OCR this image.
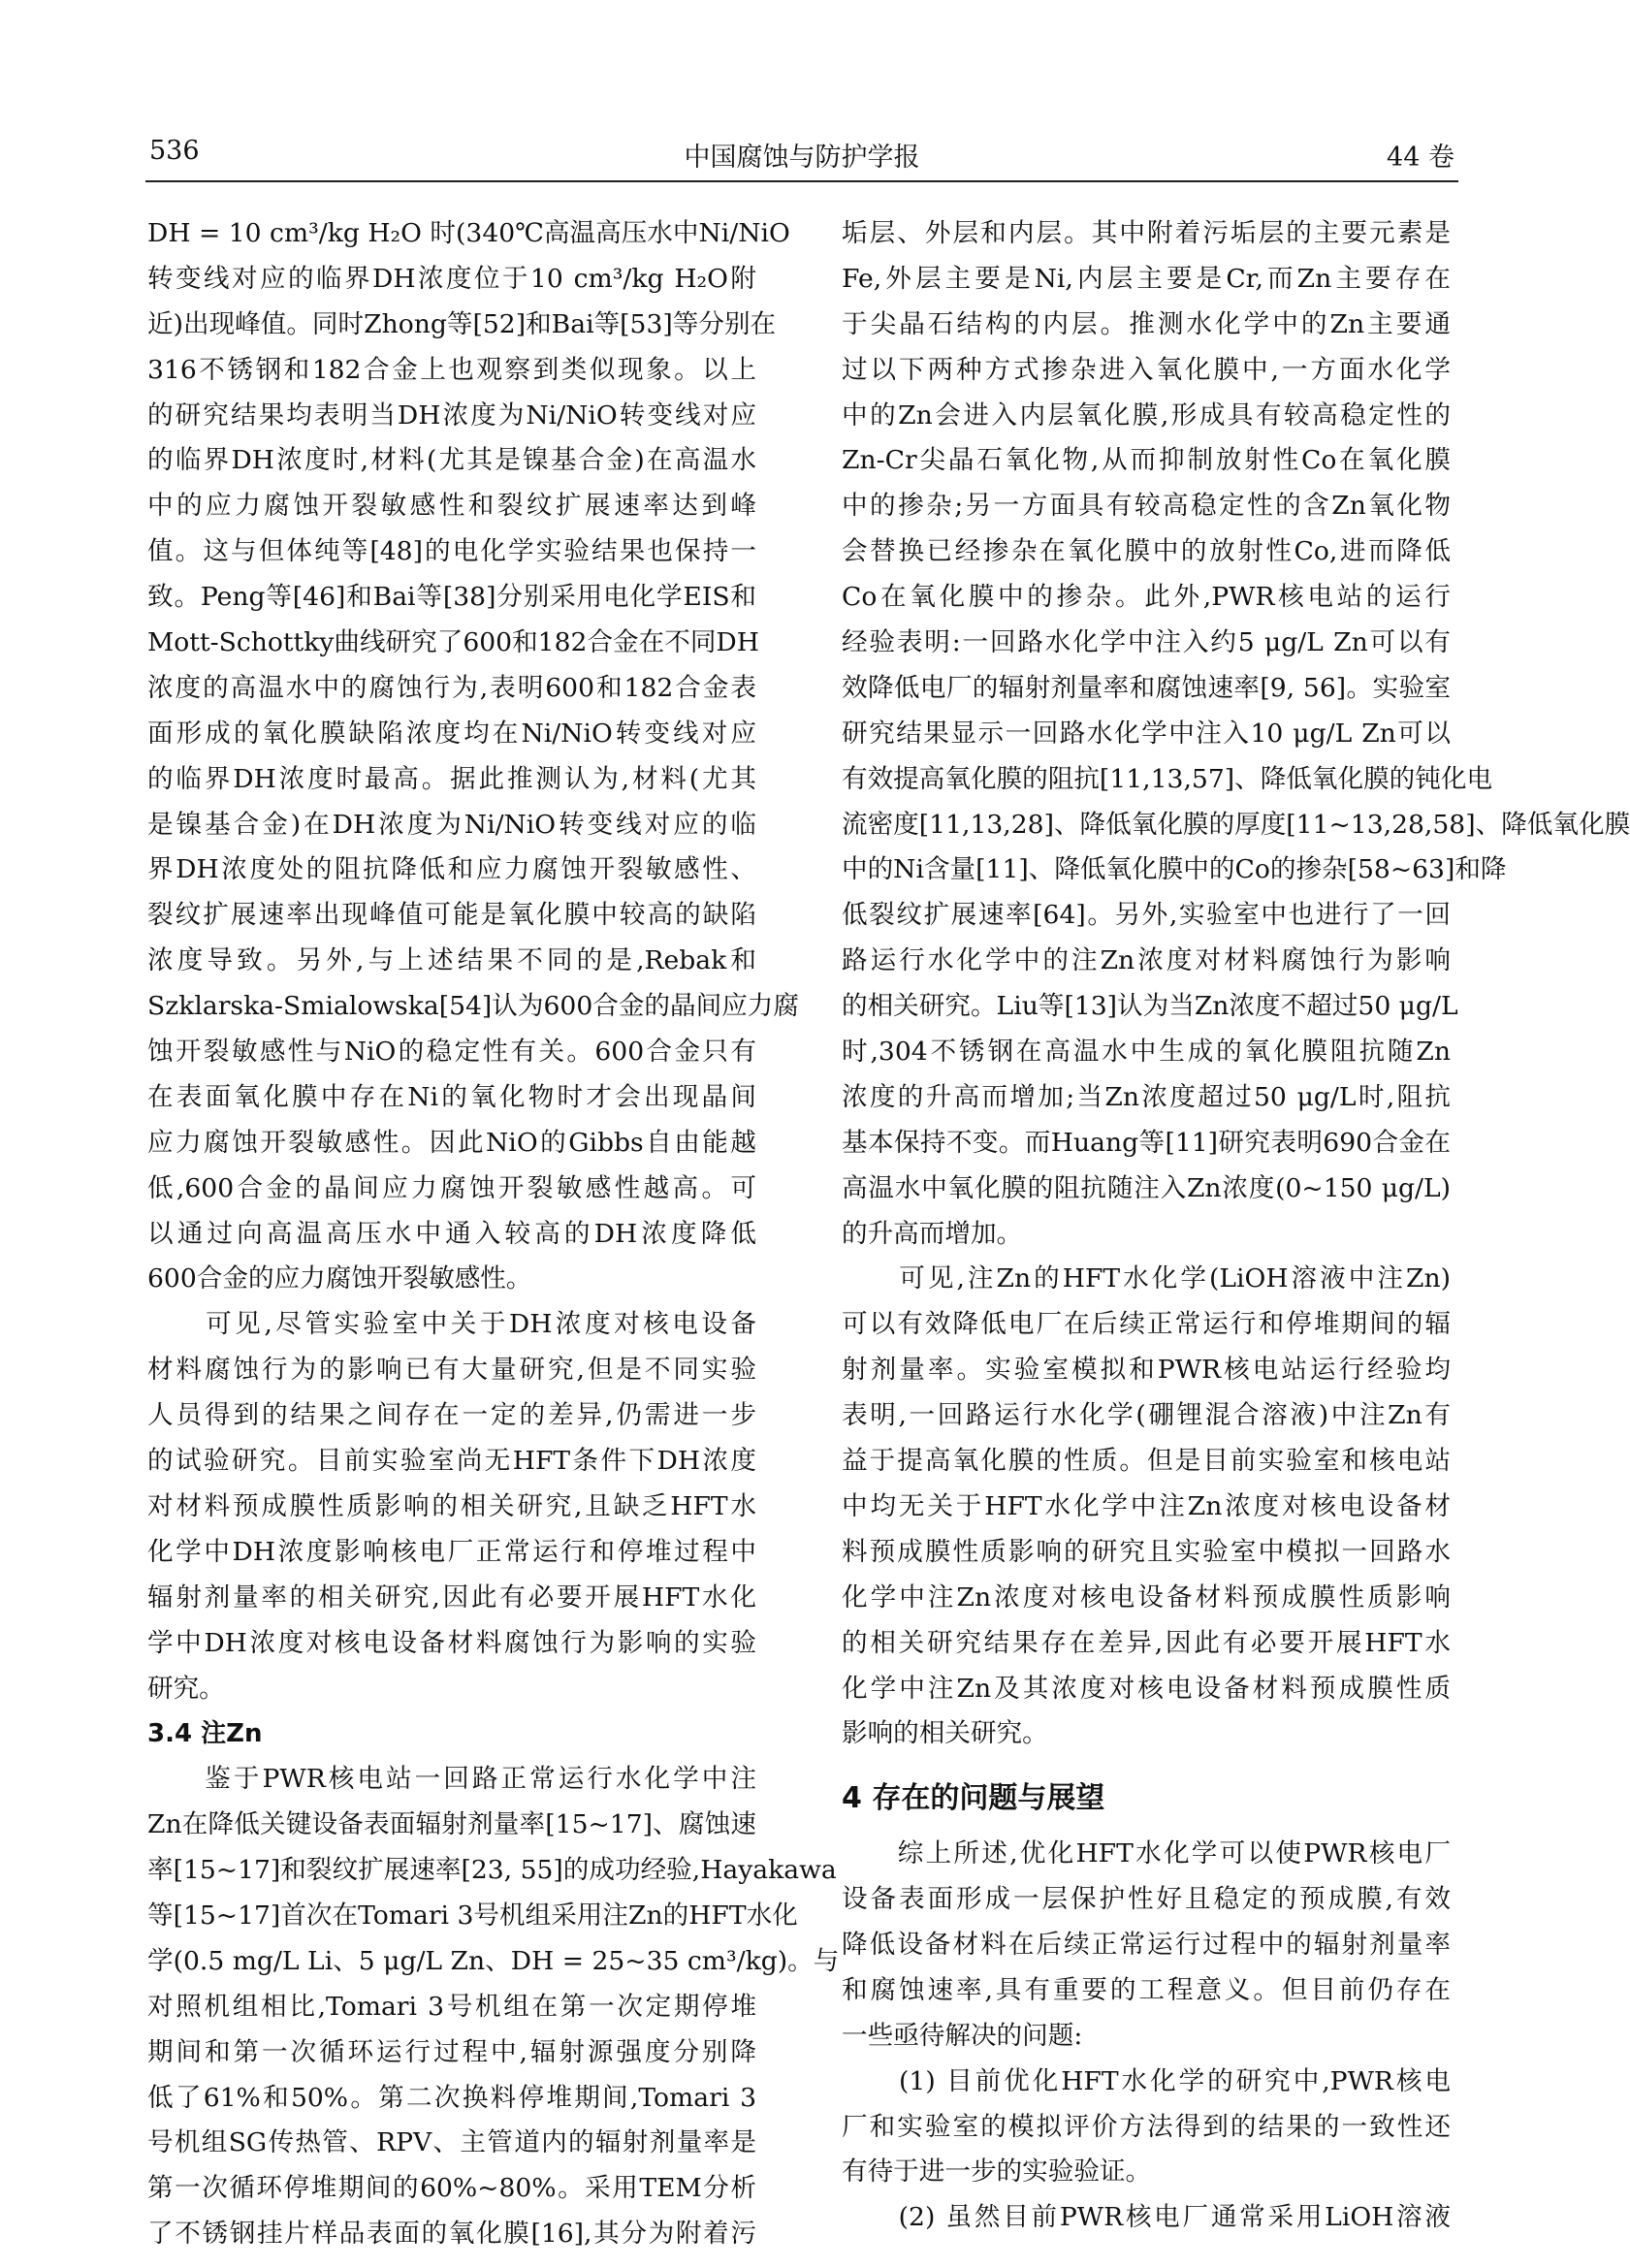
536	中国腐蚀与防护学报	44 卷
DH = 10 cm³/kg H₂O 时(340℃高温高压水中Ni/NiO
转变线对应的临界DH浓度位于10 cm³/kg H₂O附
近)出现峰值。同时Zhong等[52]和Bai等[53]等分别在
316不锈钢和182合金上也观察到类似现象。以上
的研究结果均表明当DH浓度为Ni/NiO转变线对应
的临界DH浓度时,材料(尤其是镍基合金)在高温水
中的应力腐蚀开裂敏感性和裂纹扩展速率达到峰
值。这与但体纯等[48]的电化学实验结果也保持一
致。Peng等[46]和Bai等[38]分别采用电化学EIS和
Mott-Schottky曲线研究了600和182合金在不同DH
浓度的高温水中的腐蚀行为,表明600和182合金表
面形成的氧化膜缺陷浓度均在Ni/NiO转变线对应
的临界DH浓度时最高。据此推测认为,材料(尤其
是镍基合金)在DH浓度为Ni/NiO转变线对应的临
界DH浓度处的阻抗降低和应力腐蚀开裂敏感性、
裂纹扩展速率出现峰值可能是氧化膜中较高的缺陷
浓度导致。另外,与上述结果不同的是,Rebak和
Szklarska-Smialowska[54]认为600合金的晶间应力腐
蚀开裂敏感性与NiO的稳定性有关。600合金只有
在表面氧化膜中存在Ni的氧化物时才会出现晶间
应力腐蚀开裂敏感性。因此NiO的Gibbs自由能越
低,600合金的晶间应力腐蚀开裂敏感性越高。可
以通过向高温高压水中通入较高的DH浓度降低
600合金的应力腐蚀开裂敏感性。
　　可见,尽管实验室中关于DH浓度对核电设备
材料腐蚀行为的影响已有大量研究,但是不同实验
人员得到的结果之间存在一定的差异,仍需进一步
的试验研究。目前实验室尚无HFT条件下DH浓度
对材料预成膜性质影响的相关研究,且缺乏HFT水
化学中DH浓度影响核电厂正常运行和停堆过程中
辐射剂量率的相关研究,因此有必要开展HFT水化
学中DH浓度对核电设备材料腐蚀行为影响的实验
研究。
3.4 注Zn
　　鉴于PWR核电站一回路正常运行水化学中注
Zn在降低关键设备表面辐射剂量率[15~17]、腐蚀速
率[15~17]和裂纹扩展速率[23, 55]的成功经验,Hayakawa
等[15~17]首次在Tomari 3号机组采用注Zn的HFT水化
学(0.5 mg/L Li、5 μg/L Zn、DH = 25~35 cm³/kg)。与
对照机组相比,Tomari 3号机组在第一次定期停堆
期间和第一次循环运行过程中,辐射源强度分别降
低了61%和50%。第二次换料停堆期间,Tomari 3
号机组SG传热管、RPV、主管道内的辐射剂量率是
第一次循环停堆期间的60%~80%。采用TEM分析
了不锈钢挂片样品表面的氧化膜[16],其分为附着污
垢层、外层和内层。其中附着污垢层的主要元素是
Fe,外层主要是Ni,内层主要是Cr,而Zn主要存在
于尖晶石结构的内层。推测水化学中的Zn主要通
过以下两种方式掺杂进入氧化膜中,一方面水化学
中的Zn会进入内层氧化膜,形成具有较高稳定性的
Zn-Cr尖晶石氧化物,从而抑制放射性Co在氧化膜
中的掺杂;另一方面具有较高稳定性的含Zn氧化物
会替换已经掺杂在氧化膜中的放射性Co,进而降低
Co在氧化膜中的掺杂。此外,PWR核电站的运行
经验表明:一回路水化学中注入约5 μg/L Zn可以有
效降低电厂的辐射剂量率和腐蚀速率[9, 56]。实验室
研究结果显示一回路水化学中注入10 μg/L Zn可以
有效提高氧化膜的阻抗[11,13,57]、降低氧化膜的钝化电
流密度[11,13,28]、降低氧化膜的厚度[11~13,28,58]、降低氧化膜
中的Ni含量[11]、降低氧化膜中的Co的掺杂[58~63]和降
低裂纹扩展速率[64]。另外,实验室中也进行了一回
路运行水化学中的注Zn浓度对材料腐蚀行为影响
的相关研究。Liu等[13]认为当Zn浓度不超过50 μg/L
时,304不锈钢在高温水中生成的氧化膜阻抗随Zn
浓度的升高而增加;当Zn浓度超过50 μg/L时,阻抗
基本保持不变。而Huang等[11]研究表明690合金在
高温水中氧化膜的阻抗随注入Zn浓度(0~150 μg/L)
的升高而增加。
　　可见,注Zn的HFT水化学(LiOH溶液中注Zn)
可以有效降低电厂在后续正常运行和停堆期间的辐
射剂量率。实验室模拟和PWR核电站运行经验均
表明,一回路运行水化学(硼锂混合溶液)中注Zn有
益于提高氧化膜的性质。但是目前实验室和核电站
中均无关于HFT水化学中注Zn浓度对核电设备材
料预成膜性质影响的研究且实验室中模拟一回路水
化学中注Zn浓度对核电设备材料预成膜性质影响
的相关研究结果存在差异,因此有必要开展HFT水
化学中注Zn及其浓度对核电设备材料预成膜性质
影响的相关研究。
4 存在的问题与展望
　　综上所述,优化HFT水化学可以使PWR核电厂
设备表面形成一层保护性好且稳定的预成膜,有效
降低设备材料在后续正常运行过程中的辐射剂量率
和腐蚀速率,具有重要的工程意义。但目前仍存在
一些亟待解决的问题:
　　(1) 目前优化HFT水化学的研究中,PWR核电
厂和实验室的模拟评价方法得到的结果的一致性还
有待于进一步的实验验证。
　　(2) 虽然目前PWR核电厂通常采用LiOH溶液
